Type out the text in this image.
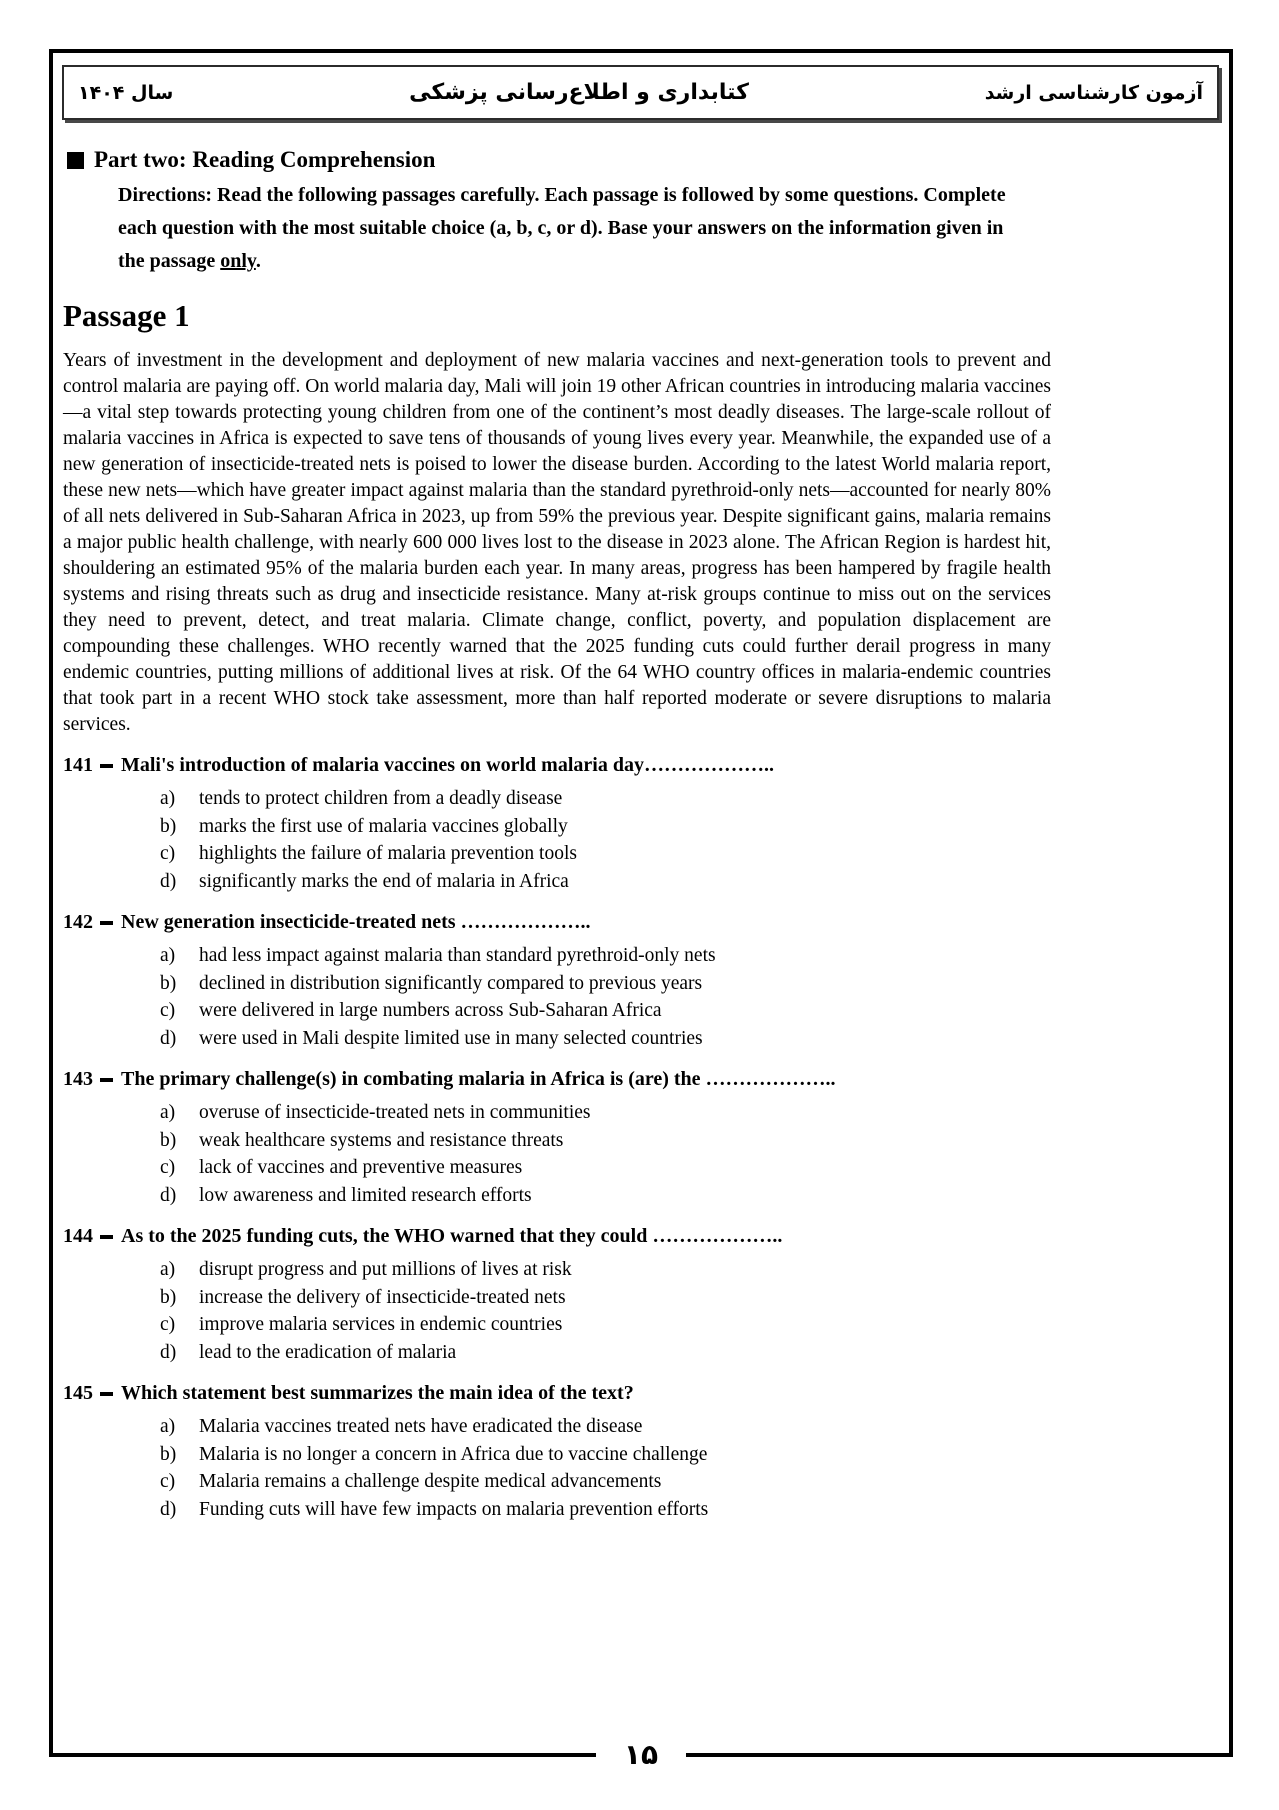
سال ۱۴۰۴	کتابداری و اطلاع‌رسانی پزشکی	آزمون کارشناسی ارشد
Part two: Reading Comprehension

Directions: Read the following passages carefully. Each passage is followed by some questions. Complete each question with the most suitable choice (a, b, c, or d). Base your answers on the information given in the passage only.

Passage 1

Years of investment in the development and deployment of new malaria vaccines and next-generation tools to prevent and control malaria are paying off. On world malaria day, Mali will join 19 other African countries in introducing malaria vaccines—a vital step towards protecting young children from one of the continent’s most deadly diseases. The large-scale rollout of malaria vaccines in Africa is expected to save tens of thousands of young lives every year. Meanwhile, the expanded use of a new generation of insecticide-treated nets is poised to lower the disease burden. According to the latest World malaria report, these new nets—which have greater impact against malaria than the standard pyrethroid-only nets—accounted for nearly 80% of all nets delivered in Sub-Saharan Africa in 2023, up from 59% the previous year. Despite significant gains, malaria remains a major public health challenge, with nearly 600 000 lives lost to the disease in 2023 alone. The African Region is hardest hit, shouldering an estimated 95% of the malaria burden each year. In many areas, progress has been hampered by fragile health systems and rising threats such as drug and insecticide resistance. Many at-risk groups continue to miss out on the services they need to prevent, detect, and treat malaria. Climate change, conflict, poverty, and population displacement are compounding these challenges. WHO recently warned that the 2025 funding cuts could further derail progress in many endemic countries, putting millions of additional lives at risk. Of the 64 WHO country offices in malaria-endemic countries that took part in a recent WHO stock take assessment, more than half reported moderate or severe disruptions to malaria services.

141 Mali's introduction of malaria vaccines on world malaria day………………..
a)	tends to protect children from a deadly disease
b)	marks the first use of malaria vaccines globally
c)	highlights the failure of malaria prevention tools
d)	significantly marks the end of malaria in Africa
142 New generation insecticide-treated nets ………………..
a)	had less impact against malaria than standard pyrethroid-only nets
b)	declined in distribution significantly compared to previous years
c)	were delivered in large numbers across Sub-Saharan Africa
d)	were used in Mali despite limited use in many selected countries
143 The primary challenge(s) in combating malaria in Africa is (are) the ………………..
a)	overuse of insecticide-treated nets in communities
b)	weak healthcare systems and resistance threats
c)	lack of vaccines and preventive measures
d)	low awareness and limited research efforts
144 As to the 2025 funding cuts, the WHO warned that they could ………………..
a)	disrupt progress and put millions of lives at risk
b)	increase the delivery of insecticide-treated nets
c)	improve malaria services in endemic countries
d)	lead to the eradication of malaria
145 Which statement best summarizes the main idea of the text?
a)	Malaria vaccines treated nets have eradicated the disease
b)	Malaria is no longer a concern in Africa due to vaccine challenge
c)	Malaria remains a challenge despite medical advancements
d)	Funding cuts will have few impacts on malaria prevention efforts
۱۵
